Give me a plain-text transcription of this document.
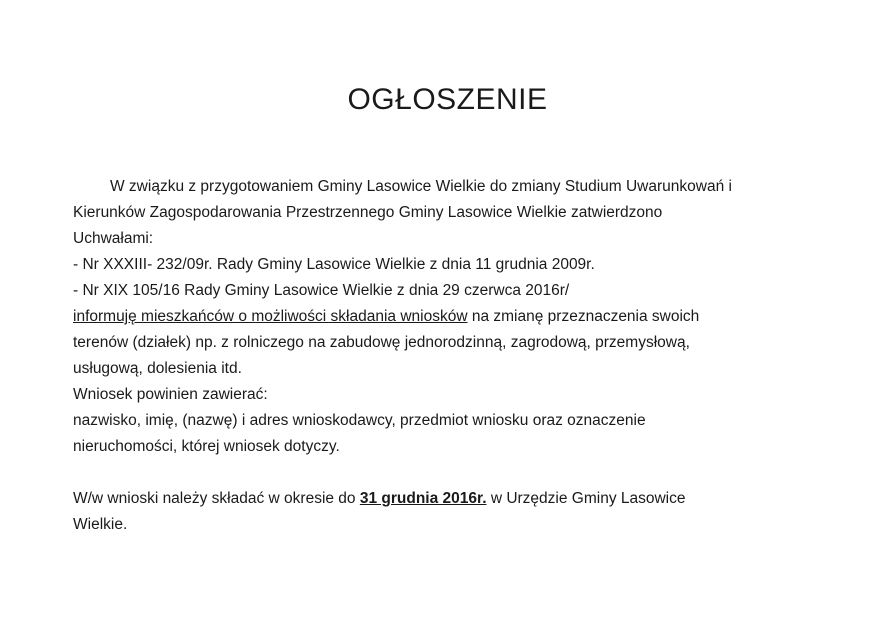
OGŁOSZENIE
W związku z przygotowaniem Gminy Lasowice Wielkie do zmiany Studium Uwarunkowań i
Kierunków Zagospodarowania Przestrzennego Gminy Lasowice Wielkie zatwierdzono
Uchwałami:
- Nr XXXIII- 232/09r. Rady Gminy Lasowice Wielkie z dnia 11 grudnia 2009r.
- Nr XIX 105/16 Rady Gminy Lasowice Wielkie z dnia 29 czerwca 2016r/
informuję mieszkańców o możliwości składania wniosków na zmianę przeznaczenia swoich
terenów (działek) np. z rolniczego na zabudowę jednorodzinną, zagrodową, przemysłową,
usługową, dolesienia itd.
Wniosek powinien zawierać:
nazwisko, imię, (nazwę) i adres wnioskodawcy, przedmiot wniosku oraz oznaczenie
nieruchomości, której wniosek dotyczy.
W/w wnioski należy składać w okresie do 31 grudnia 2016r. w Urzędzie Gminy Lasowice
Wielkie.
